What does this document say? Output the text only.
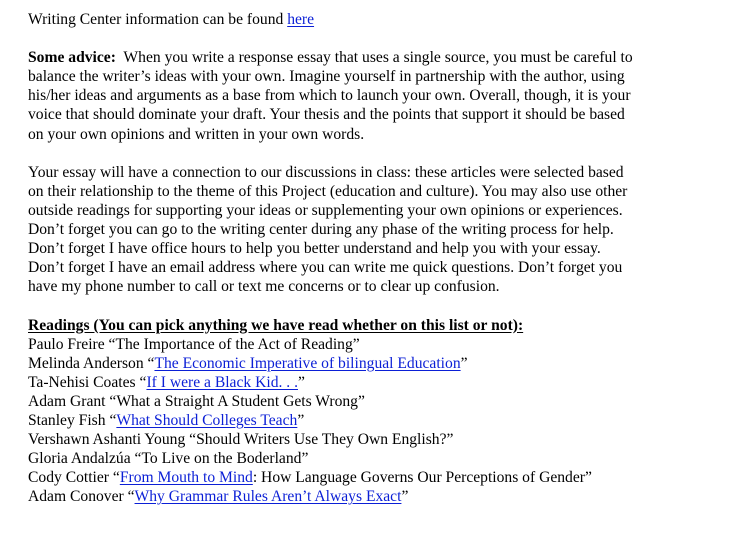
Writing Center information can be found here
Some advice:  When you write a response essay that uses a single source, you must be careful to
balance the writer’s ideas with your own. Imagine yourself in partnership with the author, using
his/her ideas and arguments as a base from which to launch your own. Overall, though, it is your
voice that should dominate your draft. Your thesis and the points that support it should be based
on your own opinions and written in your own words.
Your essay will have a connection to our discussions in class: these articles were selected based
on their relationship to the theme of this Project (education and culture). You may also use other
outside readings for supporting your ideas or supplementing your own opinions or experiences.
Don’t forget you can go to the writing center during any phase of the writing process for help.
Don’t forget I have office hours to help you better understand and help you with your essay.
Don’t forget I have an email address where you can write me quick questions. Don’t forget you
have my phone number to call or text me concerns or to clear up confusion.
Readings (You can pick anything we have read whether on this list or not):
Paulo Freire “The Importance of the Act of Reading”
Melinda Anderson “The Economic Imperative of bilingual Education”
Ta-Nehisi Coates “If I were a Black Kid. . .”
Adam Grant “What a Straight A Student Gets Wrong”
Stanley Fish “What Should Colleges Teach”
Vershawn Ashanti Young “Should Writers Use They Own English?”
Gloria Andalzúa “To Live on the Boderland”
Cody Cottier “From Mouth to Mind: How Language Governs Our Perceptions of Gender”
Adam Conover “Why Grammar Rules Aren’t Always Exact”
